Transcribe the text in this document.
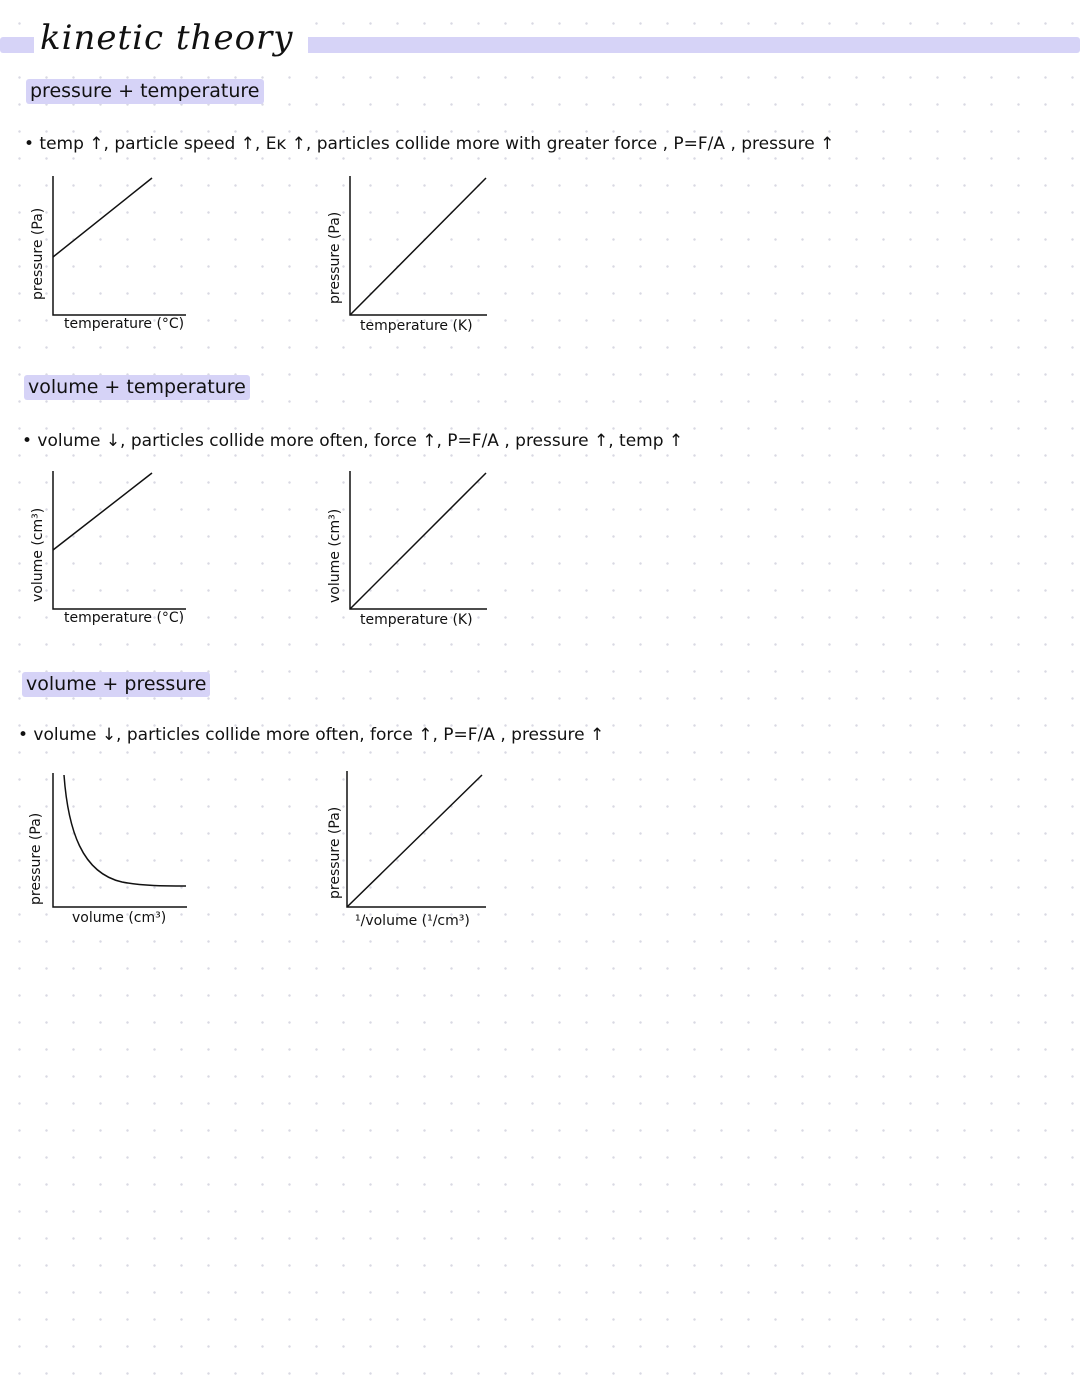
kinetic theory
pressure + temperature
• temp ↑, particle speed ↑, Eĸ ↑, particles collide more with greater force , P=F/A , pressure ↑
pressure (Pa)
temperature (°C)
pressure (Pa)
temperature (K)
volume + temperature
• volume ↓, particles collide more often, force ↑, P=F/A , pressure ↑, temp ↑
volume (cm³)
temperature (°C)
volume (cm³)
temperature (K)
volume + pressure
• volume ↓, particles collide more often, force ↑, P=F/A , pressure ↑
pressure (Pa)
volume (cm³)
pressure (Pa)
¹/volume (¹/cm³)
